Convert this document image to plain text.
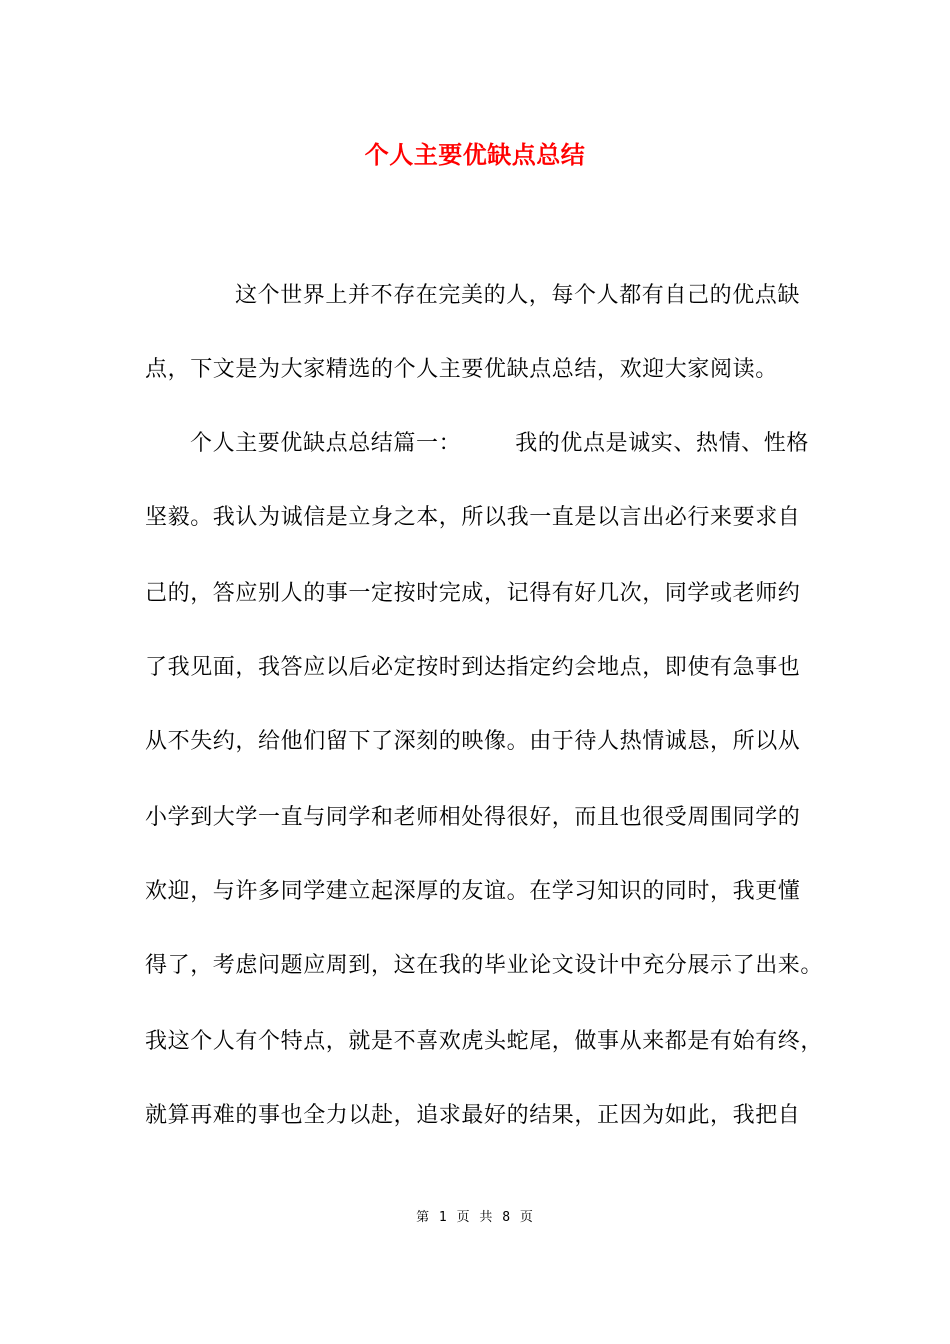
个人主要优缺点总结
这个世界上并不存在完美的人，每个人都有自己的优点缺
点，下文是为大家精选的个人主要优缺点总结，欢迎大家阅读。
个人主要优缺点总结篇一： 我的优点是诚实、热情、性格
坚毅。我认为诚信是立身之本，所以我一直是以言出必行来要求自
己的，答应别人的事一定按时完成，记得有好几次，同学或老师约
了我见面，我答应以后必定按时到达指定约会地点，即使有急事也
从不失约，给他们留下了深刻的映像。由于待人热情诚恳，所以从
小学到大学一直与同学和老师相处得很好，而且也很受周围同学的
欢迎，与许多同学建立起深厚的友谊。在学习知识的同时，我更懂
得了，考虑问题应周到，这在我的毕业论文设计中充分展示了出来。
我这个人有个特点，就是不喜欢虎头蛇尾，做事从来都是有始有终，
就算再难的事也全力以赴，追求最好的结果，正因为如此，我把自
第 1 页 共 8 页
